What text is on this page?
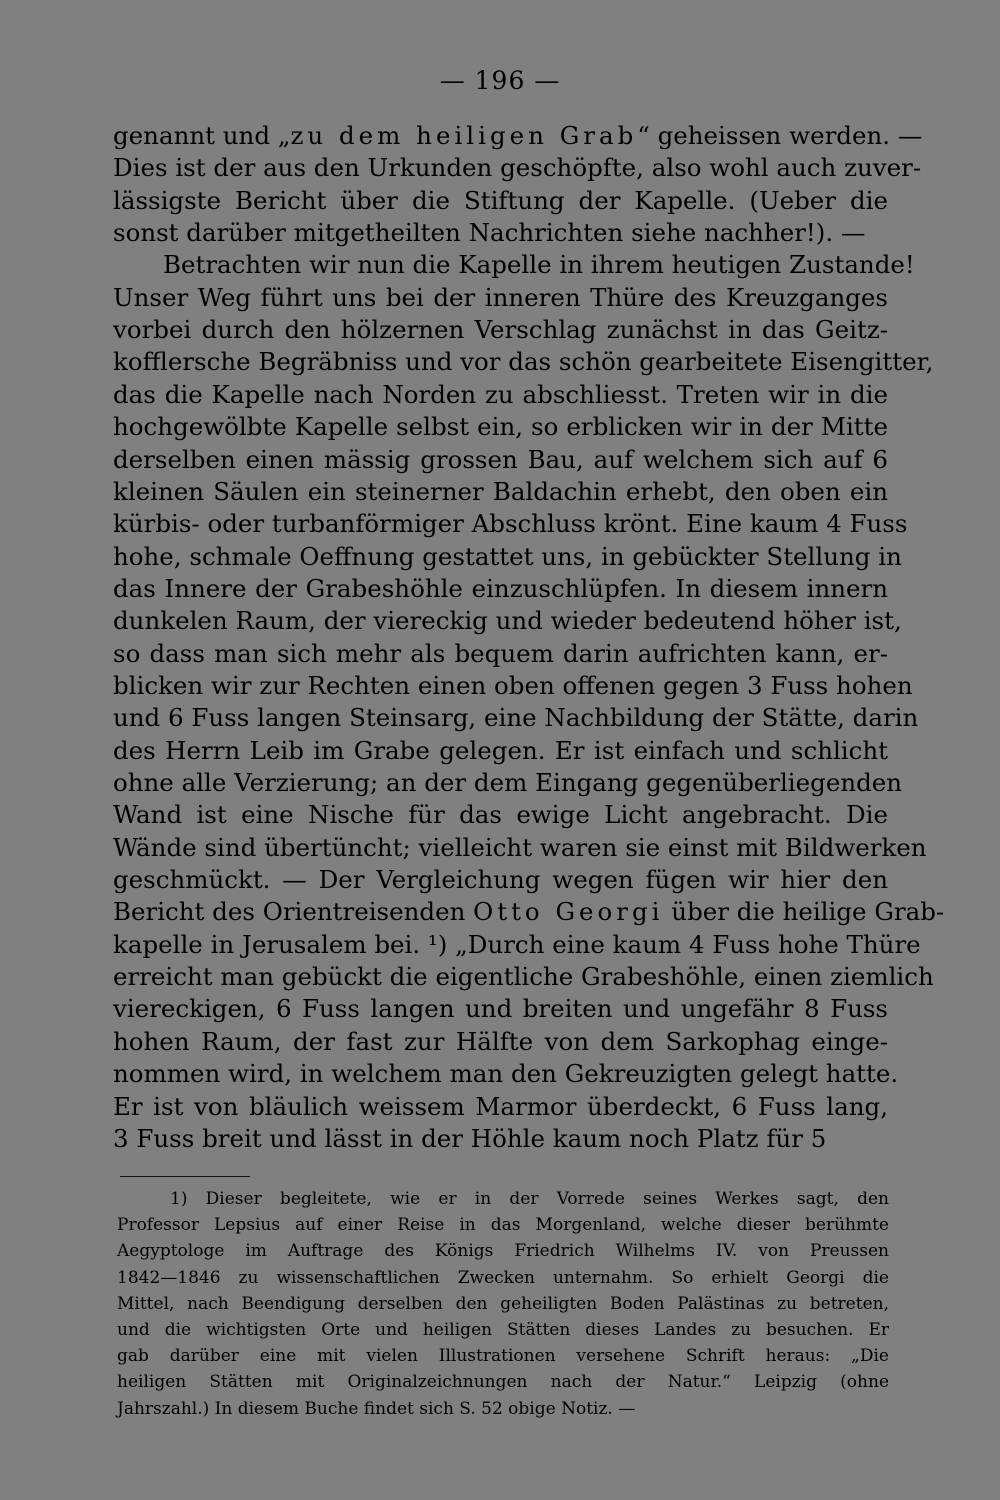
— 196 —
genannt und „zu dem heiligen Grab“ geheissen werden. —
Dies ist der aus den Urkunden geschöpfte, also wohl auch zuver-
lässigste Bericht über die Stiftung der Kapelle. (Ueber die
sonst darüber mitgetheilten Nachrichten siehe nachher!). —
Betrachten wir nun die Kapelle in ihrem heutigen Zustande!
Unser Weg führt uns bei der inneren Thüre des Kreuzganges
vorbei durch den hölzernen Verschlag zunächst in das Geitz-
kofflersche Begräbniss und vor das schön gearbeitete Eisengitter,
das die Kapelle nach Norden zu abschliesst. Treten wir in die
hochgewölbte Kapelle selbst ein, so erblicken wir in der Mitte
derselben einen mässig grossen Bau, auf welchem sich auf 6
kleinen Säulen ein steinerner Baldachin erhebt, den oben ein
kürbis- oder turbanförmiger Abschluss krönt. Eine kaum 4 Fuss
hohe, schmale Oeffnung gestattet uns, in gebückter Stellung in
das Innere der Grabeshöhle einzuschlüpfen. In diesem innern
dunkelen Raum, der viereckig und wieder bedeutend höher ist,
so dass man sich mehr als bequem darin aufrichten kann, er-
blicken wir zur Rechten einen oben offenen gegen 3 Fuss hohen
und 6 Fuss langen Steinsarg, eine Nachbildung der Stätte, darin
des Herrn Leib im Grabe gelegen. Er ist einfach und schlicht
ohne alle Verzierung; an der dem Eingang gegenüberliegenden
Wand ist eine Nische für das ewige Licht angebracht. Die
Wände sind übertüncht; vielleicht waren sie einst mit Bildwerken
geschmückt. — Der Vergleichung wegen fügen wir hier den
Bericht des Orientreisenden Otto Georgi über die heilige Grab-
kapelle in Jerusalem bei. ¹) „Durch eine kaum 4 Fuss hohe Thüre
erreicht man gebückt die eigentliche Grabeshöhle, einen ziemlich
viereckigen, 6 Fuss langen und breiten und ungefähr 8 Fuss
hohen Raum, der fast zur Hälfte von dem Sarkophag einge-
nommen wird, in welchem man den Gekreuzigten gelegt hatte.
Er ist von bläulich weissem Marmor überdeckt, 6 Fuss lang,
3 Fuss breit und lässt in der Höhle kaum noch Platz für 5
1) Dieser begleitete, wie er in der Vorrede seines Werkes sagt, den
Professor Lepsius auf einer Reise in das Morgenland, welche dieser berühmte
Aegyptologe im Auftrage des Königs Friedrich Wilhelms IV. von Preussen
1842—1846 zu wissenschaftlichen Zwecken unternahm. So erhielt Georgi die
Mittel, nach Beendigung derselben den geheiligten Boden Palästinas zu betreten,
und die wichtigsten Orte und heiligen Stätten dieses Landes zu besuchen. Er
gab darüber eine mit vielen Illustrationen versehene Schrift heraus: „Die
heiligen Stätten mit Originalzeichnungen nach der Natur.“ Leipzig (ohne
Jahrszahl.) In diesem Buche findet sich S. 52 obige Notiz. —
